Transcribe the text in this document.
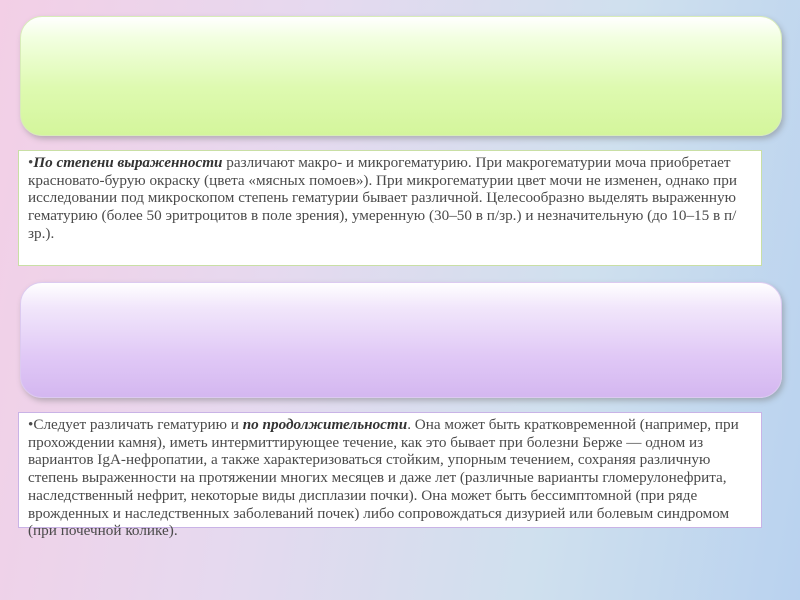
•По степени выраженности различают макро- и микрогематурию. При макрогематурии моча приобретает красновато-бурую окраску (цвета «мясных помоев»). При микрогематурии цвет мочи не изменен, однако при исследовании под микроскопом степень гематурии бывает различной. Целесообразно выделять выраженную гематурию (более 50 эритроцитов в поле зрения), умеренную (30–50 в п/зр.) и незначительную (до 10–15 в п/зр.).

•Следует различать гематурию и по продолжительности. Она может быть кратковременной (например, при прохождении камня), иметь интермиттирующее течение, как это бывает при болезни Берже — одном из вариантов IgA-нефропатии, а также характеризоваться стойким, упорным течением, сохраняя различную степень выраженности на протяжении многих месяцев и даже лет (различные варианты гломерулонефрита, наследственный нефрит, некоторые виды дисплазии почки). Она может быть бессимптомной (при ряде врожденных и наследственных заболеваний почек) либо сопровождаться дизурией или болевым синдромом (при почечной колике).
